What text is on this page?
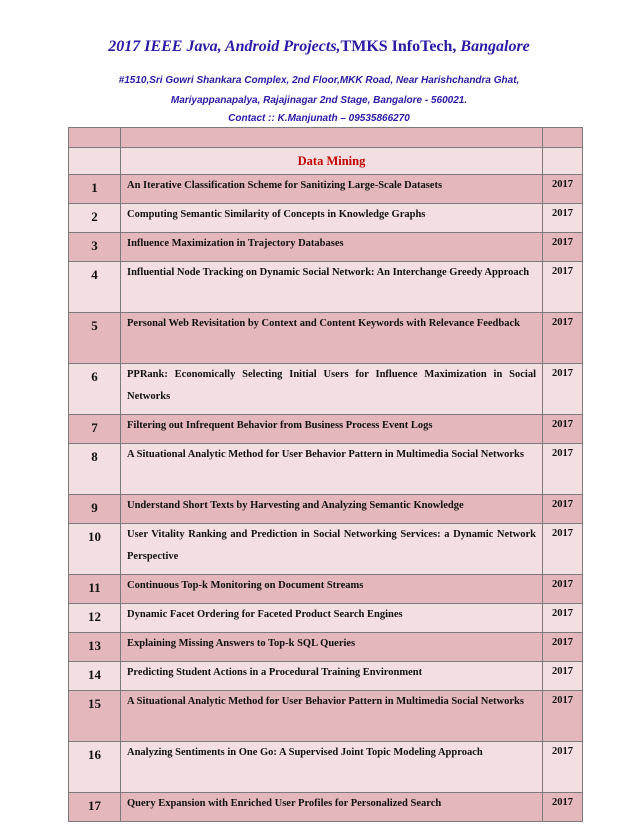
2017 IEEE Java, Android Projects,TMKS InfoTech, Bangalore
#1510,Sri Gowri Shankara Complex, 2nd Floor,MKK Road, Near Harishchandra Ghat,
Mariyappanapalya, Rajajinagar 2nd Stage, Bangalore - 560021.
Contact :: K.Manjunath – 09535866270

	Data Mining	
1	An Iterative Classification Scheme for Sanitizing Large-Scale Datasets	2017
2	Computing Semantic Similarity of Concepts in Knowledge Graphs	2017
3	Influence Maximization in Trajectory Databases	2017
4	Influential Node Tracking on Dynamic Social Network: An Interchange Greedy Approach	2017
5	Personal Web Revisitation by Context and Content Keywords with Relevance Feedback	2017
6	PPRank: Economically Selecting Initial Users for Influence Maximization in Social Networks	2017
7	Filtering out Infrequent Behavior from Business Process Event Logs	2017
8	A Situational Analytic Method for User Behavior Pattern in Multimedia Social Networks	2017
9	Understand Short Texts by Harvesting and Analyzing Semantic Knowledge	2017
10	User Vitality Ranking and Prediction in Social Networking Services: a Dynamic Network Perspective	2017
11	Continuous Top-k Monitoring on Document Streams	2017
12	Dynamic Facet Ordering for Faceted Product Search Engines	2017
13	Explaining Missing Answers to Top-k SQL Queries	2017
14	Predicting Student Actions in a Procedural Training Environment	2017
15	A Situational Analytic Method for User Behavior Pattern in Multimedia Social Networks	2017
16	Analyzing Sentiments in One Go: A Supervised Joint Topic Modeling Approach	2017
17	Query Expansion with Enriched User Profiles for Personalized Search	2017
